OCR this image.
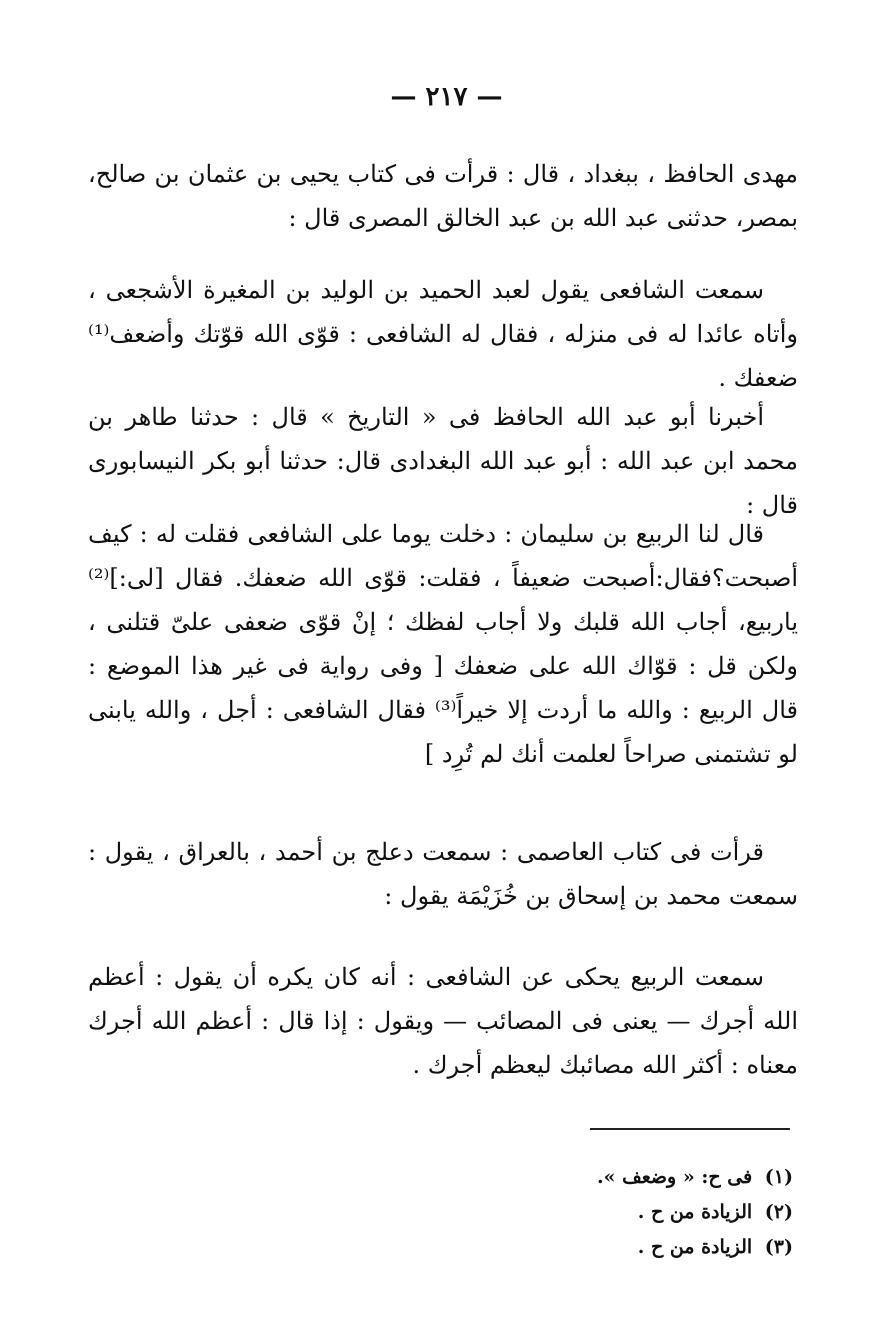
— ٢١٧ —

مهدى الحافظ ، ببغداد ، قال : قرأت فى كتاب يحيى بن عثمان بن صالح، بمصر، حدثنى عبد الله بن عبد الخالق المصرى قال :

سمعت الشافعى يقول لعبد الحميد بن الوليد بن المغيرة الأشجعى ، وأتاه عائدا له فى منزله ، فقال له الشافعى : قوّى الله قوّتك وأضعف⁽¹⁾ ضعفك .

أخبرنا أبو عبد الله الحافظ فى « التاريخ » قال : حدثنا طاهر بن محمد ابن عبد الله : أبو عبد الله البغدادى قال: حدثنا أبو بكر النيسابورى قال :

قال لنا الربيع بن سليمان : دخلت يوما على الشافعى فقلت له : كيف أصبحت؟فقال:أصبحت ضعيفاً ، فقلت: قوّى الله ضعفك. فقال [لى:]⁽²⁾ ياربيع، أجاب الله قلبك ولا أجاب لفظك ؛ إنْ قوّى ضعفى علىّ قتلنى ، ولكن قل : قوّاك الله على ضعفك [ وفى رواية فى غير هذا الموضع : قال الربيع : والله ما أردت إلا خيراً⁽³⁾ فقال الشافعى : أجل ، والله يابنى لو تشتمنى صراحاً لعلمت أنك لم تُرِد ]

قرأت فى كتاب العاصمى : سمعت دعلج بن أحمد ، بالعراق ، يقول : سمعت محمد بن إسحاق بن خُزَيْمَة يقول :

سمعت الربيع يحكى عن الشافعى : أنه كان يكره أن يقول : أعظم الله أجرك — يعنى فى المصائب — ويقول : إذا قال : أعظم الله أجرك معناه : أكثر الله مصائبك ليعظم أجرك .

(١) فى ح: « وضعف ».
(٢) الزيادة من ح .
(٣) الزيادة من ح .
